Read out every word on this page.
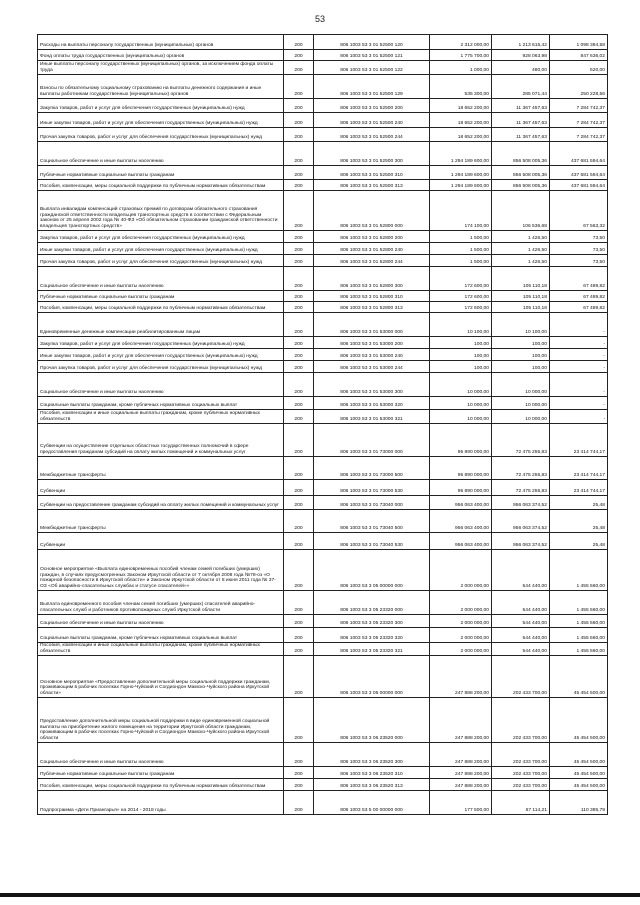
53
Расходы на выплаты персоналу государственных (муниципальных) органов	200	806 1003 53 3 01 52500 120	2 312 000,00	1 213 615,42	1 098 384,58
Фонд оплаты труда государственных (муниципальных) органов	200	806 1003 53 3 01 52500 121	1 775 700,00	928 063,98	847 636,02
Иные выплаты персоналу государственных (муниципальных) органов, за исключением фонда оплаты труда	200	806 1003 53 3 01 52500 122	1 000,00	480,00	520,00
Взносы по обязательному социальному страхованию на выплаты денежного содержания и иные выплаты работникам государственных (муниципальных) органов	200	806 1003 53 3 01 52500 129	535 300,00	285 071,44	250 228,56
Закупка товаров, работ и услуг для обеспечения государственных (муниципальных) нужд	200	806 1003 53 3 01 52500 200	18 652 200,00	11 367 457,63	7 284 742,37
Иные закупки товаров, работ и услуг для обеспечения государственных (муниципальных) нужд	200	806 1003 53 3 01 52500 240	18 652 200,00	11 367 457,63	7 284 742,37
Прочая закупка товаров, работ и услуг для обеспечения государственных (муниципальных) нужд	200	806 1003 53 3 01 52500 244	18 652 200,00	11 367 457,63	7 284 742,37
Социальное обеспечение и иные выплаты населению	200	806 1003 53 3 01 52500 300	1 294 189 600,00	856 508 005,36	437 681 594,64
Публичные нормативные социальные выплаты гражданам	200	806 1003 53 3 01 52500 310	1 294 189 600,00	856 508 005,36	437 681 594,64
Пособия, компенсации, меры социальной поддержки по публичным нормативным обязательствам	200	806 1003 53 3 01 52500 313	1 294 189 600,00	856 508 005,36	437 681 594,64
Выплата инвалидам компенсаций страховых премий по договорам обязательного страхования гражданской ответственности владельцев транспортных средств в соответствии с Федеральным законом от 25 апреля 2002 года № 40-ФЗ «Об обязательном страховании гражданской ответственности владельцев транспортных средств»	200	806 1003 53 3 01 52800 000	174 100,00	106 536,68	67 563,32
Закупка товаров, работ и услуг для обеспечения государственных (муниципальных) нужд	200	806 1003 53 3 01 52800 200	1 500,00	1 426,50	73,50
Иные закупки товаров, работ и услуг для обеспечения государственных (муниципальных) нужд	200	806 1003 53 3 01 52800 240	1 500,00	1 426,50	73,50
Прочая закупка товаров, работ и услуг для обеспечения государственных (муниципальных) нужд	200	806 1003 53 3 01 52800 244	1 500,00	1 426,50	73,50
Социальное обеспечение и иные выплаты населению	200	806 1003 53 3 01 52800 300	172 600,00	105 110,18	67 489,82
Публичные нормативные социальные выплаты гражданам	200	806 1003 53 3 01 52800 310	172 600,00	105 110,18	67 489,82
Пособия, компенсации, меры социальной поддержки по публичным нормативным обязательствам	200	806 1003 53 3 01 52800 313	172 600,00	105 110,18	67 489,82
Единовременные денежные компенсации реабилитированным лицам	200	806 1003 53 3 01 53000 000	10 100,00	10 100,00	-
Закупка товаров, работ и услуг для обеспечения государственных (муниципальных) нужд	200	806 1003 53 3 01 53000 200	100,00	100,00	-
Иные закупки товаров, работ и услуг для обеспечения государственных (муниципальных) нужд	200	806 1003 53 3 01 53000 240	100,00	100,00	-
Прочая закупка товаров, работ и услуг для обеспечения государственных (муниципальных) нужд	200	806 1003 53 3 01 53000 244	100,00	100,00	-
Социальное обеспечение и иные выплаты населению	200	806 1003 53 3 01 53000 300	10 000,00	10 000,00	-
Социальные выплаты гражданам, кроме публичных нормативных социальных выплат	200	806 1003 53 3 01 53000 320	10 000,00	10 000,00	-
Пособия, компенсации и иные социальные выплаты гражданам, кроме публичных нормативных обязательств	200	806 1003 53 3 01 53000 321	10 000,00	10 000,00	-
Субвенции на осуществление отдельных областных государственных полномочий в сфере предоставления гражданам субсидий на оплату жилых помещений и коммунальных услуг	200	806 1003 53 3 01 73000 000	95 890 000,00	72 475 255,83	23 414 744,17
Межбюджетные трансферты	200	806 1003 53 3 01 73000 500	95 890 000,00	72 475 255,83	23 414 744,17
Субвенции	200	806 1003 53 3 01 73000 530	95 890 000,00	72 475 255,83	23 414 744,17
Субвенции на предоставление гражданам субсидий на оплату жилых помещений и коммунальных услуг	200	806 1003 53 3 01 73040 000	956 063 400,00	956 063 374,52	25,48
Межбюджетные трансферты	200	806 1003 53 3 01 73040 500	956 063 400,00	956 063 374,52	25,48
Субвенции	200	806 1003 53 3 01 73040 530	956 063 400,00	956 063 374,52	25,48
Основное мероприятие «Выплата единовременных пособий членам семей погибших (умерших) граждан, в случаях предусмотренных Законом Иркутской области от 7 октября 2008 года №78-оз «О пожарной безопасности в Иркутской области» и Законом Иркутской области от 8 июня 2011 года № 37-ОЗ «Об аварийно-спасательных службах и статусе спасателей»»	200	806 1003 53 3 05 00000 000	2 000 000,00	544 440,00	1 455 560,00
Выплата единовременного пособия членам семей погибших (умерших) спасателей аварийно-спасательных служб и работников противопожарных служб Иркутской области	200	806 1003 53 3 05 23320 000	2 000 000,00	544 440,00	1 455 560,00
Социальное обеспечение и иные выплаты населению	200	806 1003 53 3 05 23320 300	2 000 000,00	544 440,00	1 455 560,00
Социальные выплаты гражданам, кроме публичных нормативных социальных выплат	200	806 1003 53 3 05 23320 320	2 000 000,00	544 440,00	1 455 560,00
Пособия, компенсации и иные социальные выплаты гражданам, кроме публичных нормативных обязательств	200	806 1003 53 3 05 23320 321	2 000 000,00	544 440,00	1 455 560,00
Основное мероприятие «Предоставление дополнительной меры социальной поддержки гражданам, проживающим в рабочих поселках Горно-Чуйский и Согдиондон Мамско-Чуйского района Иркутской области»	200	806 1003 53 3 06 00000 000	247 888 200,00	202 433 700,00	45 454 500,00
Предоставление дополнительной меры социальной поддержки в виде единовременной социальной выплаты на приобретение жилого помещения на территории Иркутской области гражданам, проживающим в рабочих поселках Горно-Чуйский и Согдиондон Мамско-Чуйского района Иркутской области	200	806 1003 53 3 06 23520 000	247 888 200,00	202 433 700,00	45 454 500,00
Социальное обеспечение и иные выплаты населению	200	806 1003 53 3 06 23520 300	247 888 200,00	202 433 700,00	45 454 500,00
Публичные нормативные социальные выплаты гражданам	200	806 1003 53 3 06 23520 310	247 888 200,00	202 433 700,00	45 454 500,00
Пособия, компенсации, меры социальной поддержки по публичным нормативным обязательствам	200	806 1003 53 3 06 23520 313	247 888 200,00	202 433 700,00	45 454 500,00
Подпрограмма «Дети Приангарья» на 2014 - 2018 годы	200	806 1003 53 5 00 00000 000	177 500,00	67 114,21	110 385,79
